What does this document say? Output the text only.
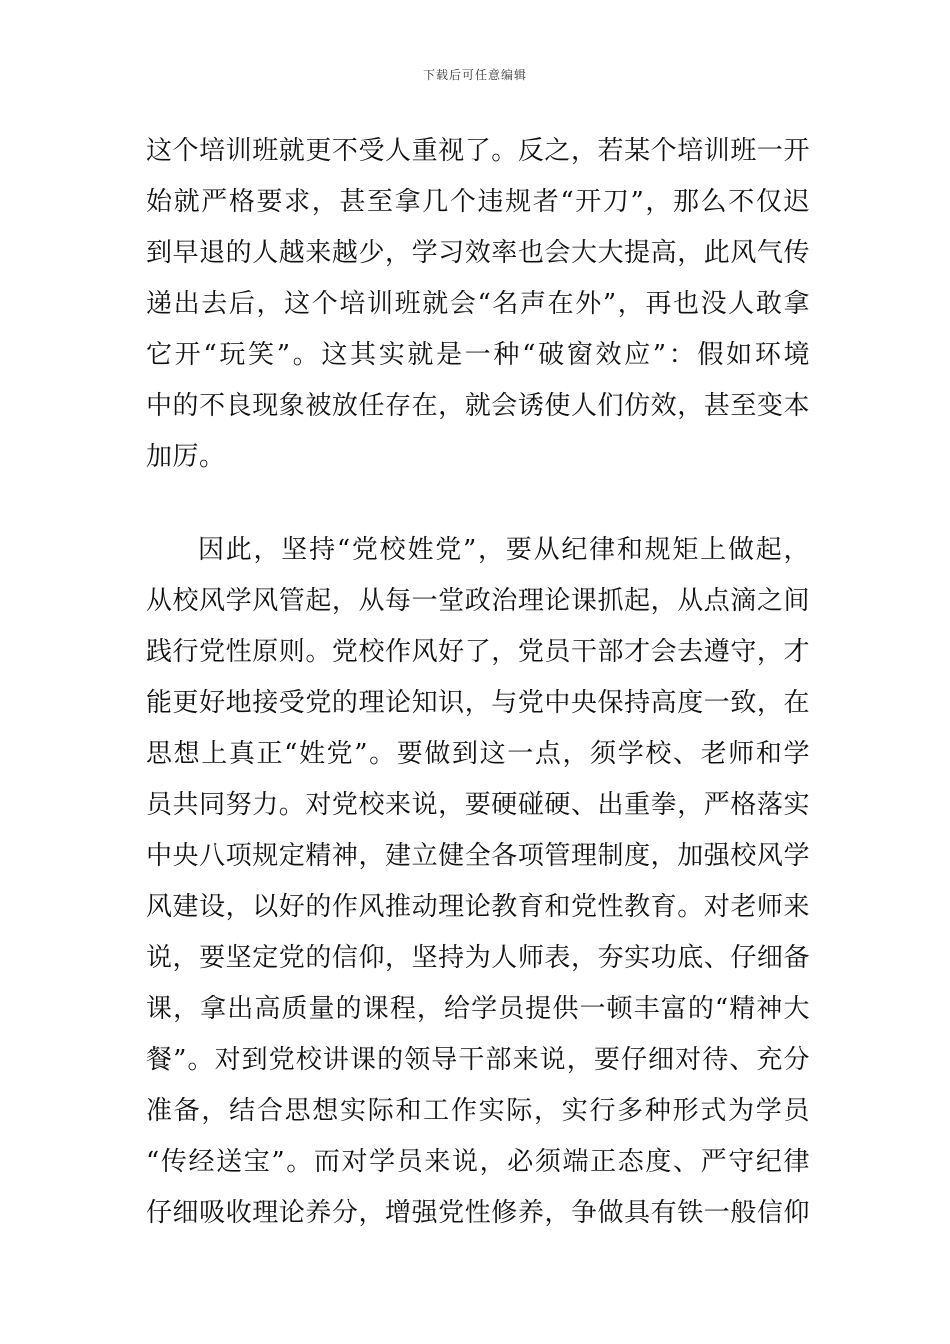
下载后可任意编辑
这个培训班就更不受人重视了。反之，若某个培训班一开
始就严格要求，甚至拿几个违规者“开刀”，那么不仅迟
到早退的人越来越少，学习效率也会大大提高，此风气传
递出去后，这个培训班就会“名声在外”，再也没人敢拿
它开“玩笑”。这其实就是一种“破窗效应”：假如环境
中的不良现象被放任存在，就会诱使人们仿效，甚至变本
加厉。
因此，坚持“党校姓党”，要从纪律和规矩上做起，
从校风学风管起，从每一堂政治理论课抓起，从点滴之间
践行党性原则。党校作风好了，党员干部才会去遵守，才
能更好地接受党的理论知识，与党中央保持高度一致，在
思想上真正“姓党”。要做到这一点，须学校、老师和学
员共同努力。对党校来说，要硬碰硬、出重拳，严格落实
中央八项规定精神，建立健全各项管理制度，加强校风学
风建设，以好的作风推动理论教育和党性教育。对老师来
说，要坚定党的信仰，坚持为人师表，夯实功底、仔细备
课，拿出高质量的课程，给学员提供一顿丰富的“精神大
餐”。对到党校讲课的领导干部来说，要仔细对待、充分
准备，结合思想实际和工作实际，实行多种形式为学员
“传经送宝”。而对学员来说，必须端正态度、严守纪律
仔细吸收理论养分，增强党性修养，争做具有铁一般信仰
